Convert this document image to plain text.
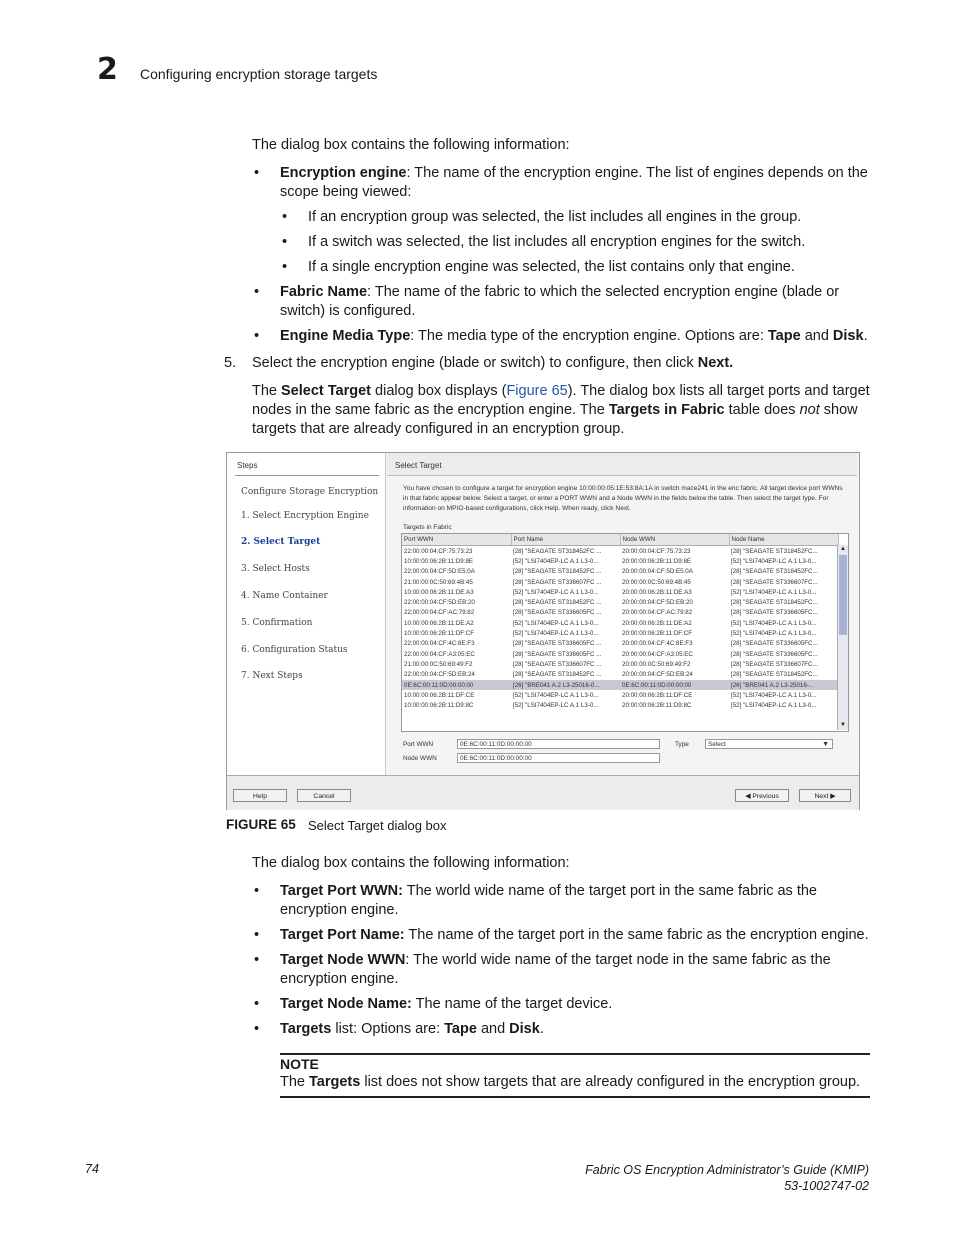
2 Configuring encryption storage targets

The dialog box contains the following information:

• Encryption engine: The name of the encryption engine. The list of engines depends on the scope being viewed:
• If an encryption group was selected, the list includes all engines in the group.
• If a switch was selected, the list includes all encryption engines for the switch.
• If a single encryption engine was selected, the list contains only that engine.
• Fabric Name: The name of the fabric to which the selected encryption engine (blade or switch) is configured.
• Engine Media Type: The media type of the encryption engine. Options are: Tape and Disk.
5. Select the encryption engine (blade or switch) to configure, then click Next.

The Select Target dialog box displays (Figure 65). The dialog box lists all target ports and target nodes in the same fabric as the encryption engine. The Targets in Fabric table does not show targets that are already configured in an encryption group.

Steps
Configure Storage Encryption
1. Select Encryption Engine
2. Select Target
3. Select Hosts
4. Name Container
5. Confirmation
6. Configuration Status
7. Next Steps
Select Target
You have chosen to configure a target for encryption engine 10:00:00:05:1E:53:8A:1A in switch mace241 in the enc fabric. All target device port WWNs in that fabric appear below. Select a target, or enter a PORT WWN and a Node WWN in the fields below the table. Then select the target type. For information on MPIO-based configurations, click Help. When ready, click Next.
Targets in Fabric
Port WWN	Port Name	Node WWN	Node Name
22:00:00:04:CF:75:73:23	[28] "SEAGATE ST318452FC ...	20:00:00:04:CF:75:73:23	[28] "SEAGATE ST318452FC...
10:00:00:06:2B:11:D9:8E	[52] "LSI7404EP-LC A.1 L3-0...	20:00:00:06:2B:11:D9:8E	[52] "LSI7404EP-LC A.1 L3-0...
22:00:00:04:CF:5D:E5:0A	[28] "SEAGATE ST318452FC ...	20:00:00:04:CF:5D:E5:0A	[28] "SEAGATE ST318452FC...
21:00:00:0C:50:69:4B:45	[28] "SEAGATE ST336607FC ...	20:00:00:0C:50:69:4B:45	[28] "SEAGATE ST336607FC...
10:00:00:06:2B:11:DE:A3	[52] "LSI7404EP-LC A.1 L3-0...	20:00:00:06:2B:11:DE:A3	[52] "LSI7404EP-LC A.1 L3-0...
22:00:00:04:CF:5D:EB:20	[28] "SEAGATE ST318452FC ...	20:00:00:04:CF:5D:EB:20	[28] "SEAGATE ST318452FC...
22:00:00:04:CF:AC:79:82	[28] "SEAGATE ST336605FC ...	20:00:00:04:CF:AC:79:82	[28] "SEAGATE ST336605FC...
10:00:00:06:2B:11:DE:A2	[52] "LSI7404EP-LC A.1 L3-0...	20:00:00:06:2B:11:DE:A2	[52] "LSI7404EP-LC A.1 L3-0...
10:00:00:06:2B:11:DF:CF	[52] "LSI7404EP-LC A.1 L3-0...	20:00:00:06:2B:11:DF:CF	[52] "LSI7404EP-LC A.1 L3-0...
22:00:00:04:CF:4C:8E:F3	[28] "SEAGATE ST336605FC ...	20:00:00:04:CF:4C:8E:F3	[28] "SEAGATE ST336605FC...
22:00:00:04:CF:A3:05:EC	[28] "SEAGATE ST336605FC ...	20:00:00:04:CF:A3:05:EC	[28] "SEAGATE ST336605FC...
21:00:00:0C:50:69:49:F2	[28] "SEAGATE ST336607FC ...	20:00:00:0C:50:69:49:F2	[28] "SEAGATE ST336607FC...
22:00:00:04:CF:5D:EB:24	[28] "SEAGATE ST318452FC ...	20:00:00:04:CF:5D:EB:24	[28] "SEAGATE ST318452FC...
0E:6C:00:11:0D:00:00:00	[26] "BRE041 A.2 L3-25016-0...	0E:6C:00:11:0D:00:00:00	[26] "BRE041 A.2 L3-25016-...
10:00:00:06:2B:11:DF:CE	[52] "LSI7404EP-LC A.1 L3-0...	20:00:00:06:2B:11:DF:CE	[52] "LSI7404EP-LC A.1 L3-0...
10:00:00:06:2B:11:D9:8C	[52] "LSI7404EP-LC A.1 L3-0...	20:00:00:06:2B:11:D9:8C	[52] "LSI7404EP-LC A.1 L3-0...
▲
▼
Port WWN	0E:6C:00:11:0D:00:00:00
Node WWN	0E:6C:00:11:0D:00:00:00
Type	Select	▼
Help	Cancel	◀ Previous	Next ▶
FIGURE 65 Select Target dialog box

The dialog box contains the following information:

• Target Port WWN: The world wide name of the target port in the same fabric as the encryption engine.
• Target Port Name: The name of the target port in the same fabric as the encryption engine.
• Target Node WWN: The world wide name of the target node in the same fabric as the encryption engine.
• Target Node Name: The name of the target device.
• Targets list: Options are: Tape and Disk.
NOTE

The Targets list does not show targets that are already configured in the encryption group.

74	Fabric OS Encryption Administrator’s Guide (KMIP)
53-1002747-02
